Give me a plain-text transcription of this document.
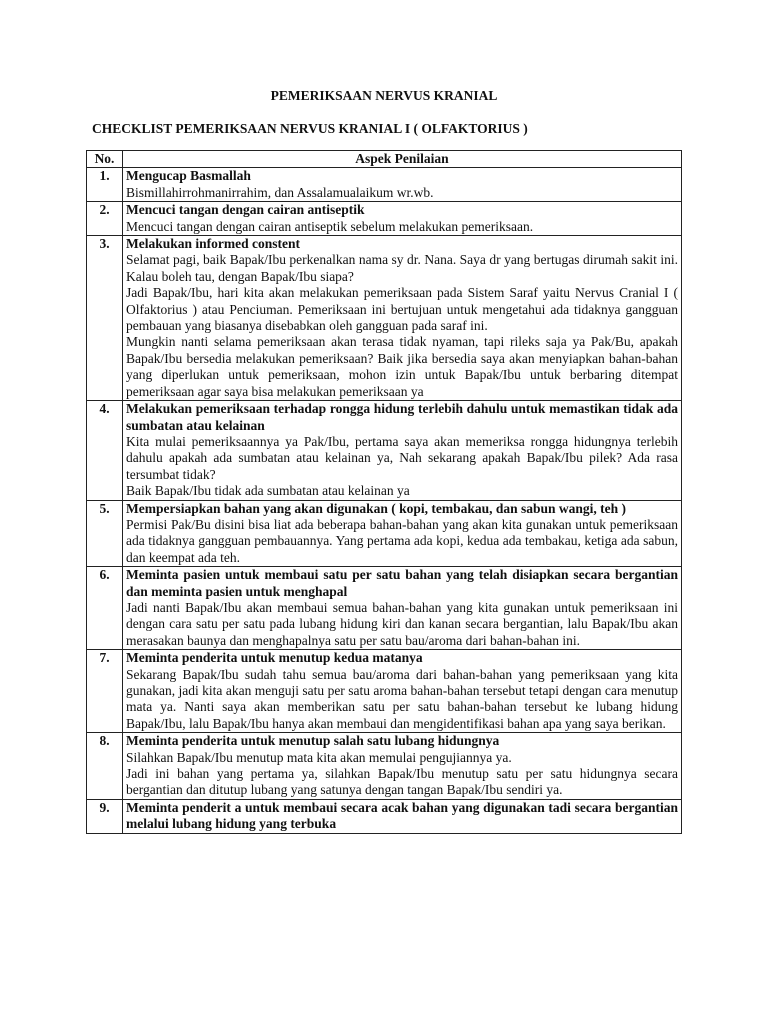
PEMERIKSAAN NERVUS KRANIAL
CHECKLIST PEMERIKSAAN NERVUS KRANIAL I ( OLFAKTORIUS )
No.	Aspek Penilaian
1.	Mengucap Basmallah
Bismillahirrohmanirrahim, dan Assalamualaikum wr.wb.

2.	Mencuci tangan dengan cairan antiseptik
Mencuci tangan dengan cairan antiseptik sebelum melakukan pemeriksaan.

3.	Melakukan informed constent
Selamat pagi, baik Bapak/Ibu perkenalkan nama sy dr. Nana. Saya dr yang bertugas dirumah sakit ini. Kalau boleh tau, dengan Bapak/Ibu siapa?
Jadi Bapak/Ibu, hari kita akan melakukan pemeriksaan pada Sistem Saraf yaitu Nervus Cranial I ( Olfaktorius ) atau Penciuman. Pemeriksaan ini bertujuan untuk mengetahui ada tidaknya gangguan pembauan yang biasanya disebabkan oleh gangguan pada saraf ini.
Mungkin nanti selama pemeriksaan akan terasa tidak nyaman, tapi rileks saja ya Pak/Bu, apakah Bapak/Ibu bersedia melakukan pemeriksaan? Baik jika bersedia saya akan menyiapkan bahan-bahan yang diperlukan untuk pemeriksaan, mohon izin untuk Bapak/Ibu untuk berbaring ditempat pemeriksaan agar saya bisa melakukan pemeriksaan ya

4.	Melakukan pemeriksaan terhadap rongga hidung terlebih dahulu untuk memastikan tidak ada sumbatan atau kelainan
Kita mulai pemeriksaannya ya Pak/Ibu, pertama saya akan memeriksa rongga hidungnya terlebih dahulu apakah ada sumbatan atau kelainan ya, Nah sekarang apakah Bapak/Ibu pilek? Ada rasa tersumbat tidak?
Baik Bapak/Ibu tidak ada sumbatan atau kelainan ya

5.	Mempersiapkan bahan yang akan digunakan ( kopi, tembakau, dan sabun wangi, teh )
Permisi Pak/Bu disini bisa liat ada beberapa bahan-bahan yang akan kita gunakan untuk pemeriksaan ada tidaknya gangguan pembauannya. Yang pertama ada kopi, kedua ada tembakau, ketiga ada sabun, dan keempat ada teh.

6.	Meminta pasien untuk membaui satu per satu bahan yang telah disiapkan secara bergantian dan meminta pasien untuk menghapal
Jadi nanti Bapak/Ibu akan membaui semua bahan-bahan yang kita gunakan untuk pemeriksaan ini dengan cara satu per satu pada lubang hidung kiri dan kanan secara bergantian, lalu Bapak/Ibu akan merasakan baunya dan menghapalnya satu per satu bau/aroma dari bahan-bahan ini.

7.	Meminta penderita untuk menutup kedua matanya
Sekarang Bapak/Ibu sudah tahu semua bau/aroma dari bahan-bahan yang pemeriksaan yang kita gunakan, jadi kita akan menguji satu per satu aroma bahan-bahan tersebut tetapi dengan cara menutup mata ya. Nanti saya akan memberikan satu per satu bahan-bahan tersebut ke lubang hidung Bapak/Ibu, lalu Bapak/Ibu hanya akan membaui dan mengidentifikasi bahan apa yang saya berikan.

8.	Meminta penderita untuk menutup salah satu lubang hidungnya
Silahkan Bapak/Ibu menutup mata kita akan memulai pengujiannya ya.
Jadi ini bahan yang pertama ya, silahkan Bapak/Ibu menutup satu per satu hidungnya secara bergantian dan ditutup lubang yang satunya dengan tangan Bapak/Ibu sendiri ya.

9.	Meminta penderit a untuk membaui secara acak bahan yang digunakan tadi secara bergantian melalui lubang hidung yang terbuka
